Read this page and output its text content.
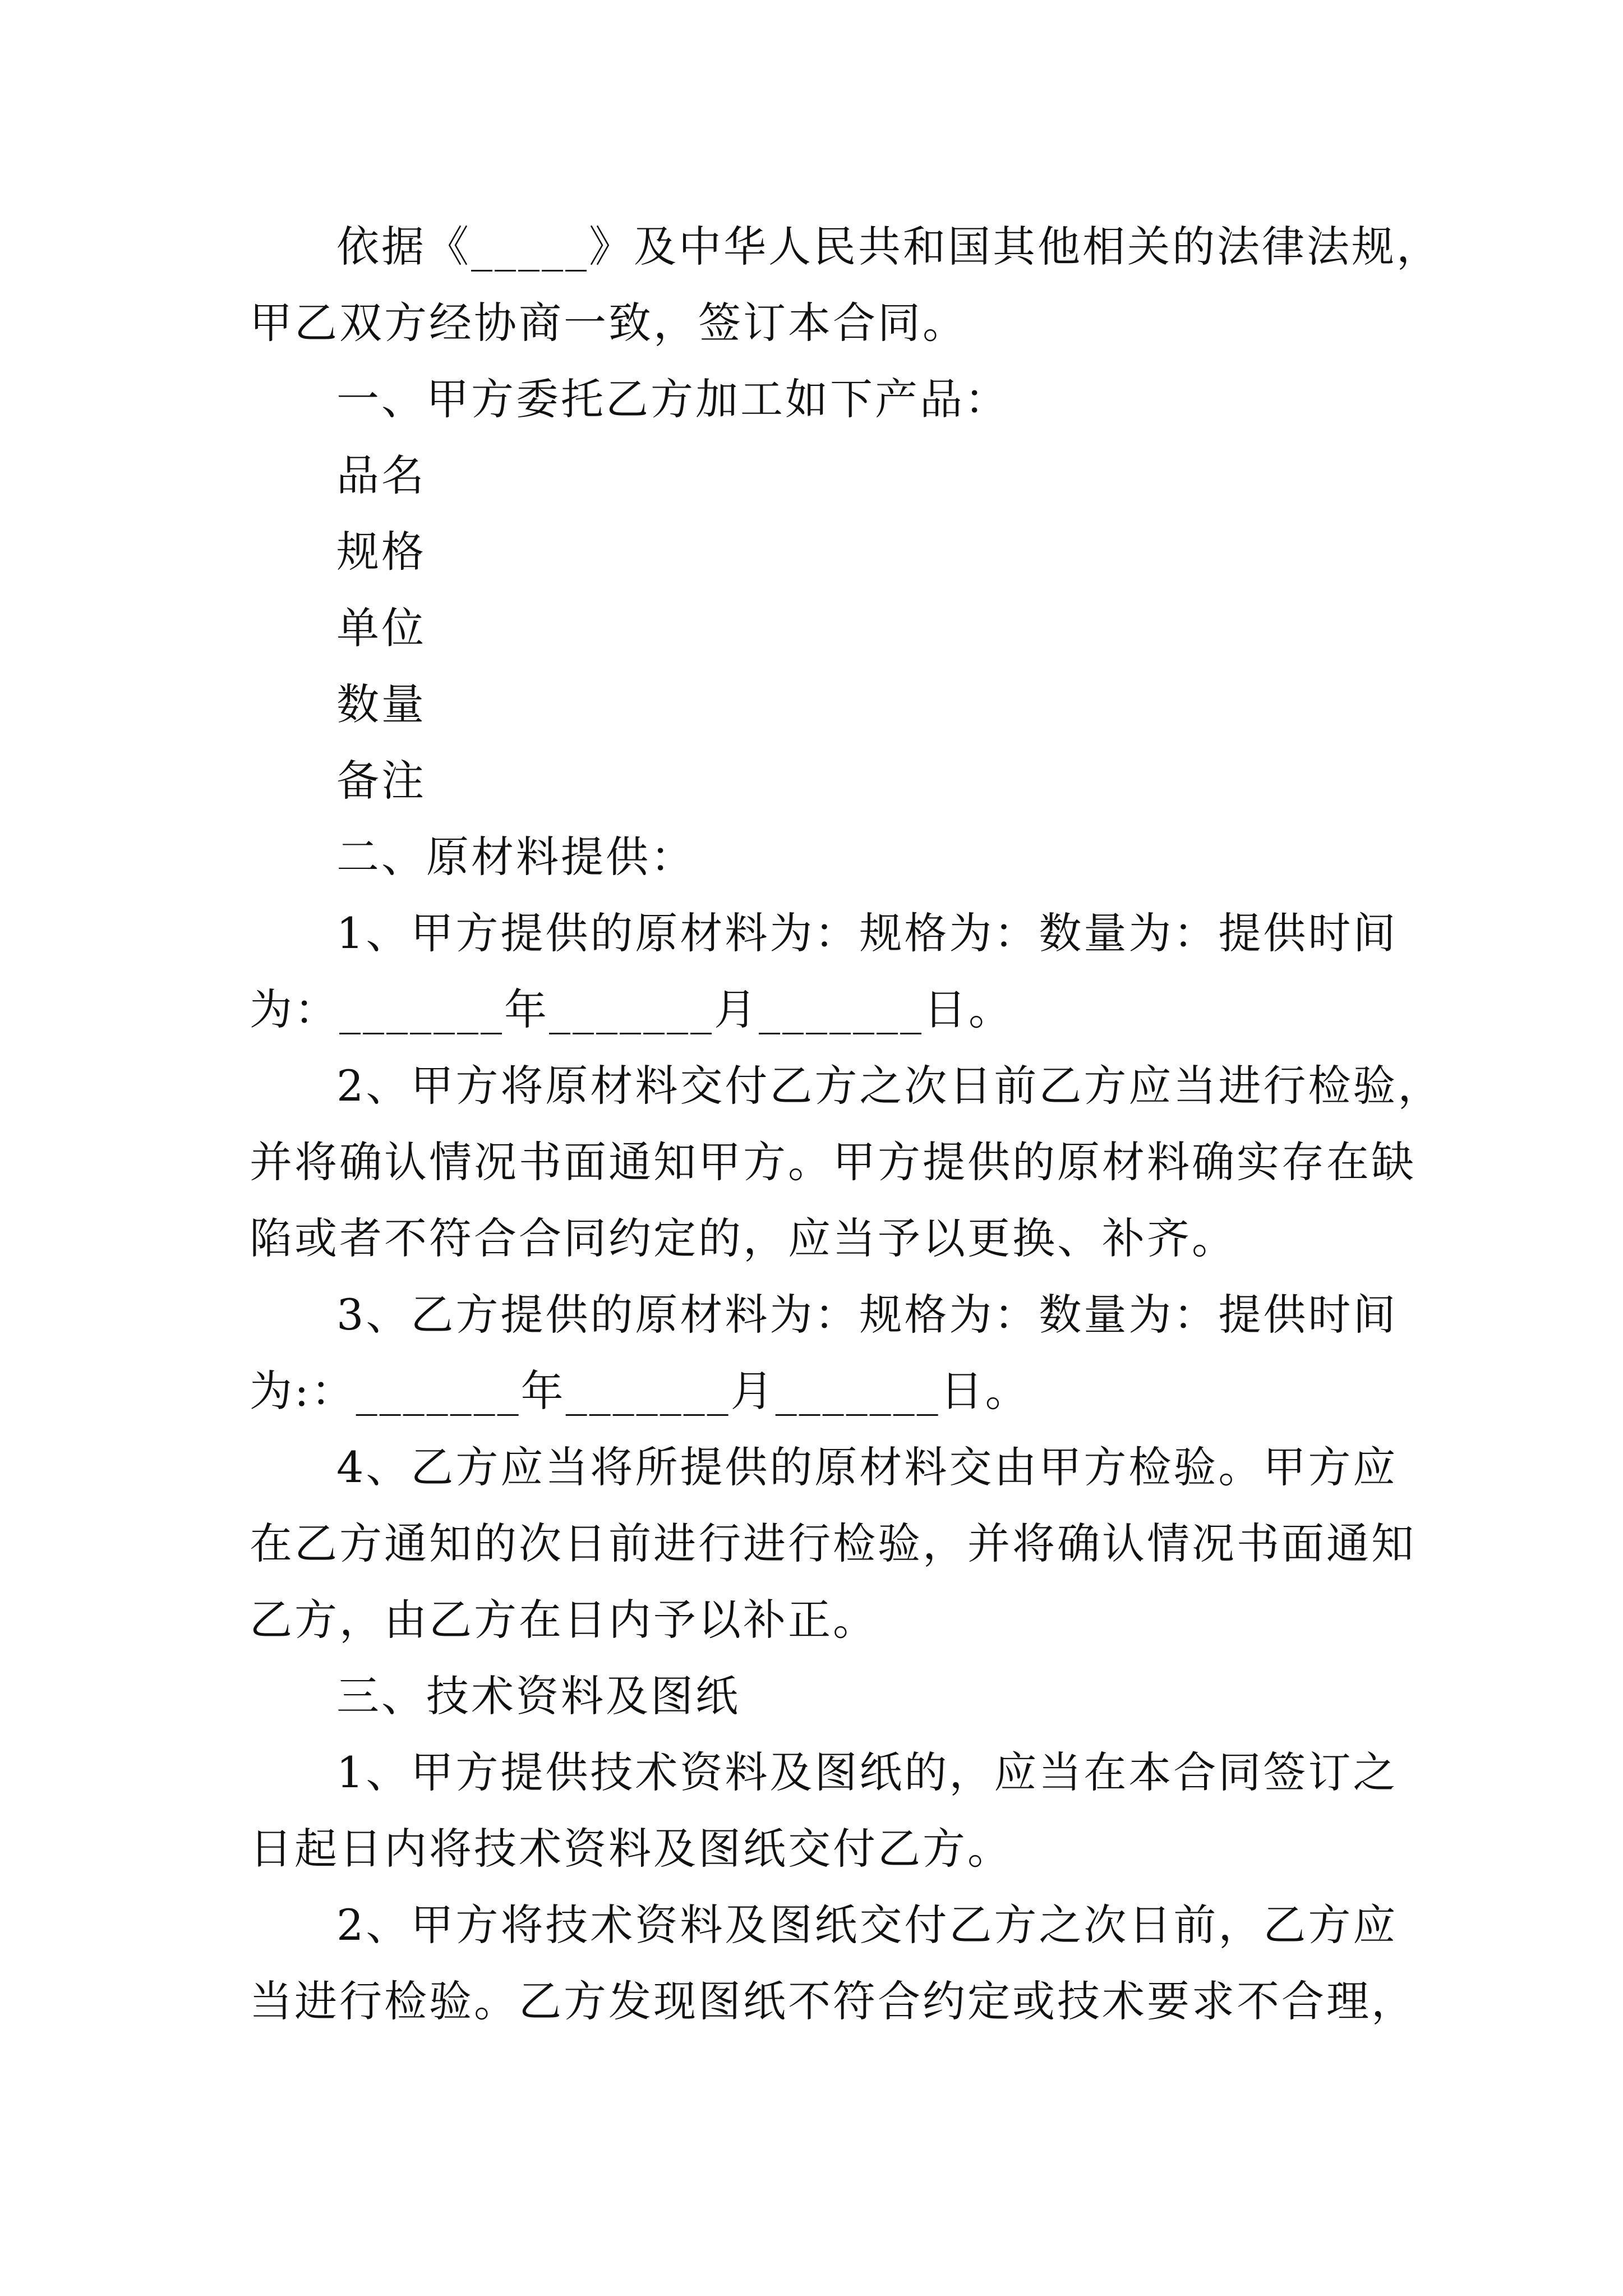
依据《_____》及中华人民共和国其他相关的法律法规，
甲乙双方经协商一致，签订本合同。
一、甲方委托乙方加工如下产品：
品名
规格
单位
数量
备注
二、原材料提供：
1、甲方提供的原材料为：规格为：数量为：提供时间
为：_______年_______月_______日。
2、甲方将原材料交付乙方之次日前乙方应当进行检验，
并将确认情况书面通知甲方。甲方提供的原材料确实存在缺
陷或者不符合合同约定的，应当予以更换、补齐。
3、乙方提供的原材料为：规格为：数量为：提供时间
为:：_______年_______月_______日。
4、乙方应当将所提供的原材料交由甲方检验。甲方应
在乙方通知的次日前进行进行检验，并将确认情况书面通知
乙方，由乙方在日内予以补正。
三、技术资料及图纸
1、甲方提供技术资料及图纸的，应当在本合同签订之
日起日内将技术资料及图纸交付乙方。
2、甲方将技术资料及图纸交付乙方之次日前，乙方应
当进行检验。乙方发现图纸不符合约定或技术要求不合理，
